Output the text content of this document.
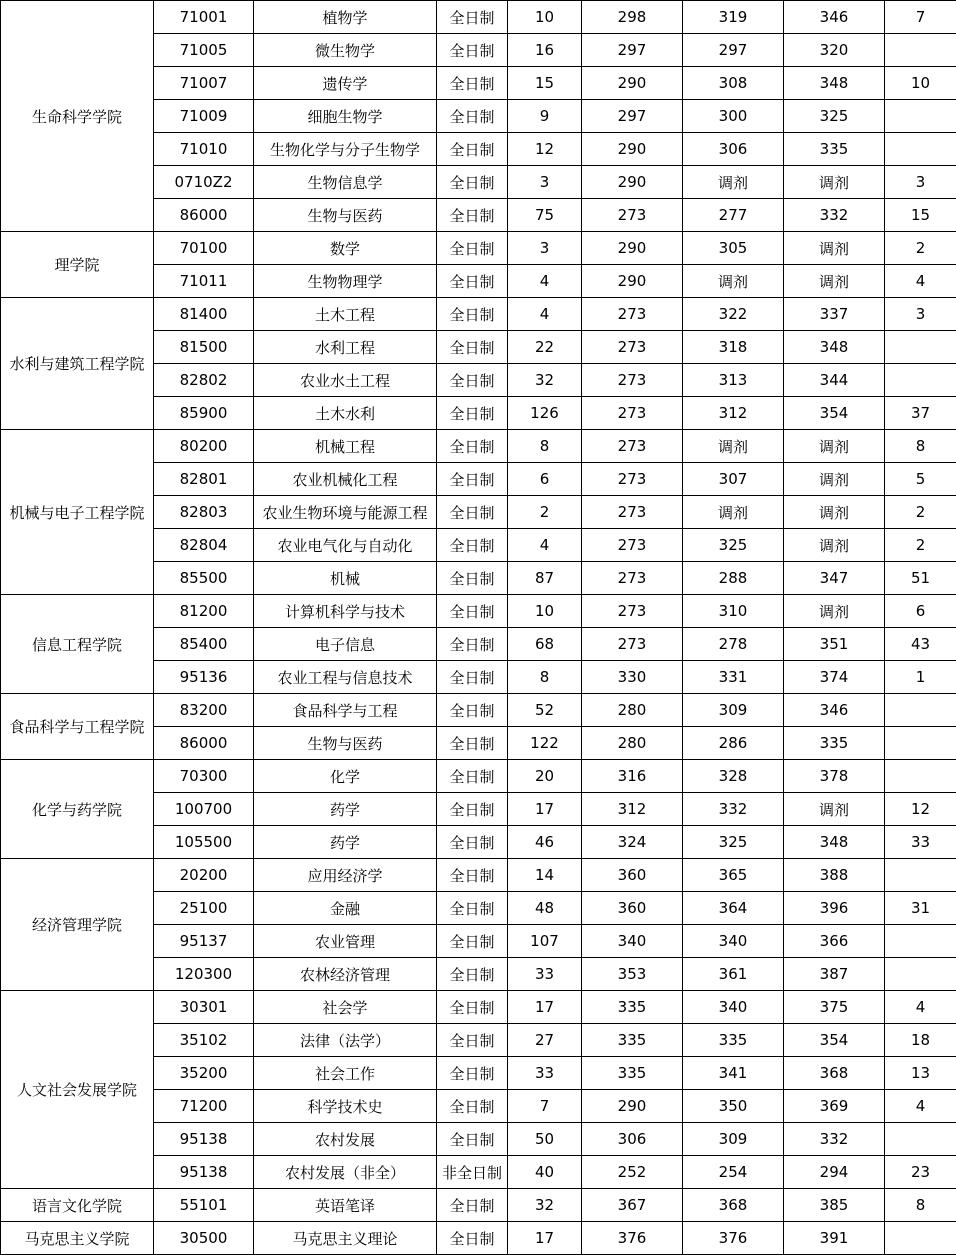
生命科学学院	71001	植物学	全日制	10	298	319	346	7
	71005	微生物学	全日制	16	297	297	320	
	71007	遗传学	全日制	15	290	308	348	10
	71009	细胞生物学	全日制	9	297	300	325	
	71010	生物化学与分子生物学	全日制	12	290	306	335	
	0710Z2	生物信息学	全日制	3	290	调剂	调剂	3
	86000	生物与医药	全日制	75	273	277	332	15
理学院	70100	数学	全日制	3	290	305	调剂	2
	71011	生物物理学	全日制	4	290	调剂	调剂	4
水利与建筑工程学院	81400	土木工程	全日制	4	273	322	337	3
	81500	水利工程	全日制	22	273	318	348	
	82802	农业水土工程	全日制	32	273	313	344	
	85900	土木水利	全日制	126	273	312	354	37
机械与电子工程学院	80200	机械工程	全日制	8	273	调剂	调剂	8
	82801	农业机械化工程	全日制	6	273	307	调剂	5
	82803	农业生物环境与能源工程	全日制	2	273	调剂	调剂	2
	82804	农业电气化与自动化	全日制	4	273	325	调剂	2
	85500	机械	全日制	87	273	288	347	51
信息工程学院	81200	计算机科学与技术	全日制	10	273	310	调剂	6
	85400	电子信息	全日制	68	273	278	351	43
	95136	农业工程与信息技术	全日制	8	330	331	374	1
食品科学与工程学院	83200	食品科学与工程	全日制	52	280	309	346	
	86000	生物与医药	全日制	122	280	286	335	
化学与药学院	70300	化学	全日制	20	316	328	378	
	100700	药学	全日制	17	312	332	调剂	12
	105500	药学	全日制	46	324	325	348	33
经济管理学院	20200	应用经济学	全日制	14	360	365	388	
	25100	金融	全日制	48	360	364	396	31
	95137	农业管理	全日制	107	340	340	366	
	120300	农林经济管理	全日制	33	353	361	387	
人文社会发展学院	30301	社会学	全日制	17	335	340	375	4
	35102	法律（法学）	全日制	27	335	335	354	18
	35200	社会工作	全日制	33	335	341	368	13
	71200	科学技术史	全日制	7	290	350	369	4
	95138	农村发展	全日制	50	306	309	332	
	95138	农村发展（非全）	非全日制	40	252	254	294	23
语言文化学院	55101	英语笔译	全日制	32	367	368	385	8
马克思主义学院	30500	马克思主义理论	全日制	17	376	376	391	
